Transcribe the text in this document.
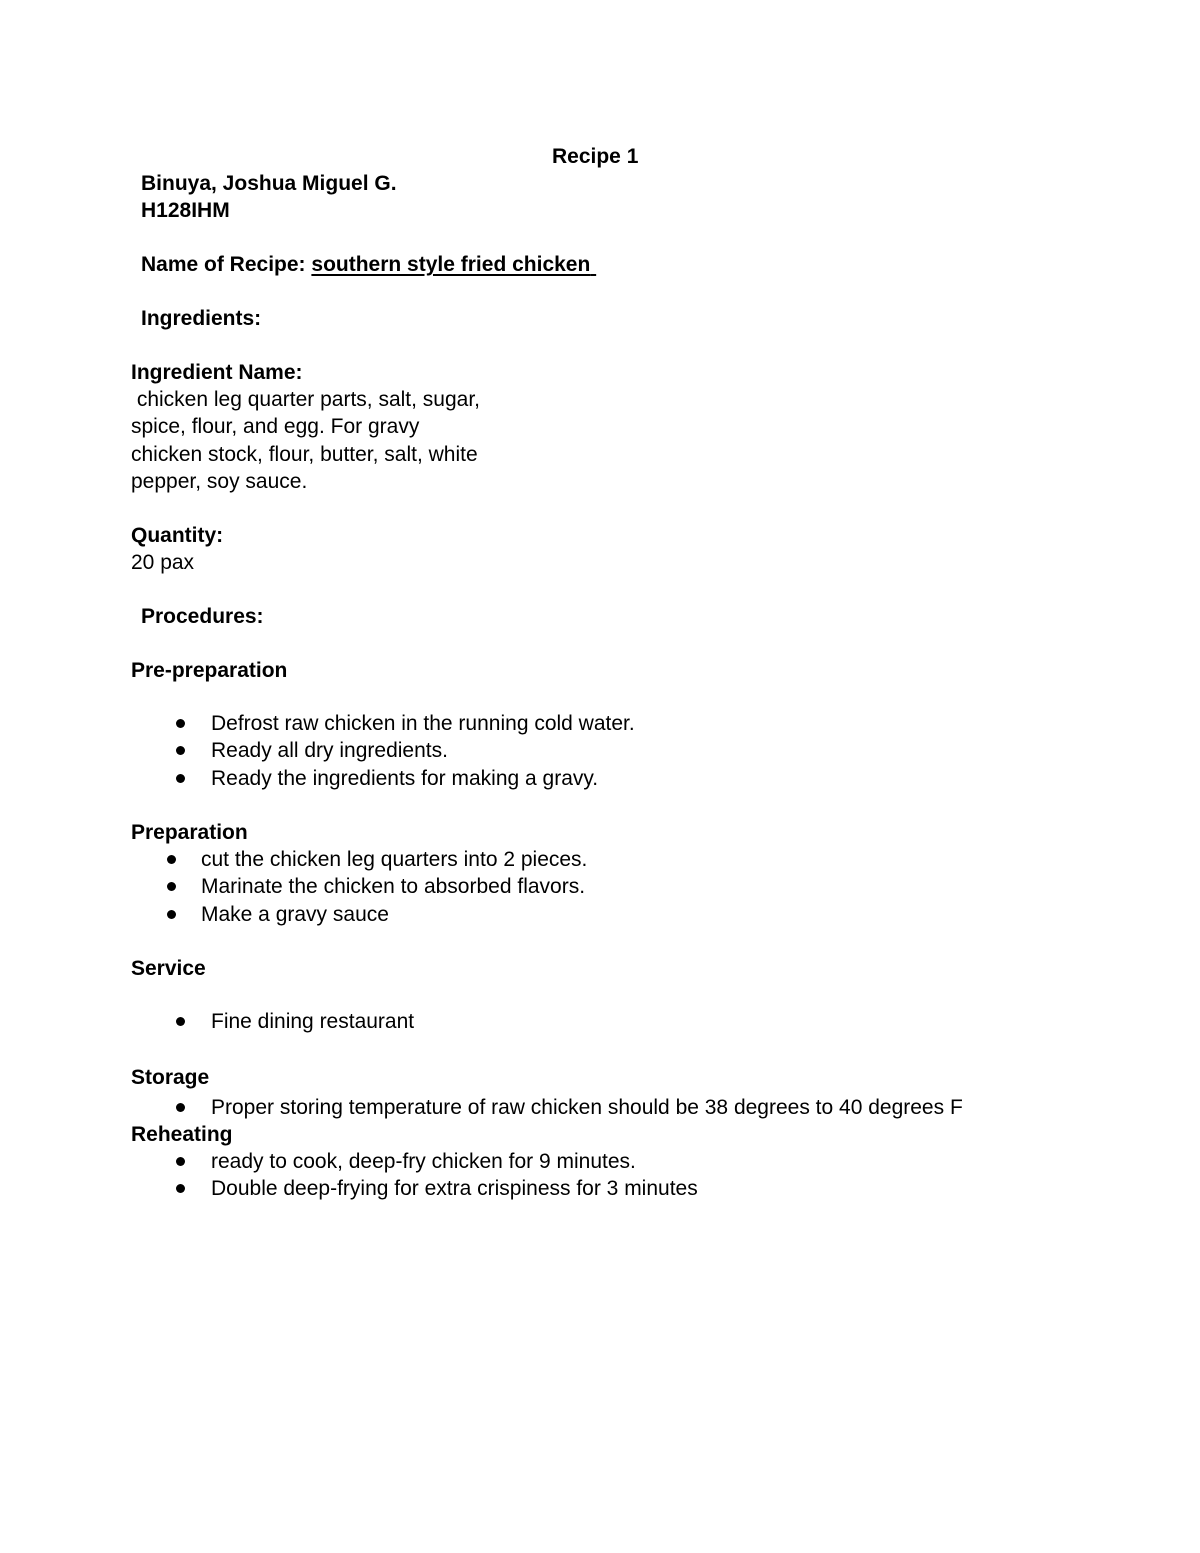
Recipe 1
Binuya, Joshua Miguel G.
H128IHM
Name of Recipe: southern style fried chicken
Ingredients:
Ingredient Name:
chicken leg quarter parts, salt, sugar,
spice, flour, and egg. For gravy
chicken stock, flour, butter, salt, white
pepper, soy sauce.
Quantity:
20 pax
Procedures:
Pre-preparation
Defrost raw chicken in the running cold water.
Ready all dry ingredients.
Ready the ingredients for making a gravy.
Preparation
cut the chicken leg quarters into 2 pieces.
Marinate the chicken to absorbed flavors.
Make a gravy sauce
Service
Fine dining restaurant
Storage
Proper storing temperature of raw chicken should be 38 degrees to 40 degrees F
Reheating
ready to cook, deep-fry chicken for 9 minutes.
Double deep-frying for extra crispiness for 3 minutes
